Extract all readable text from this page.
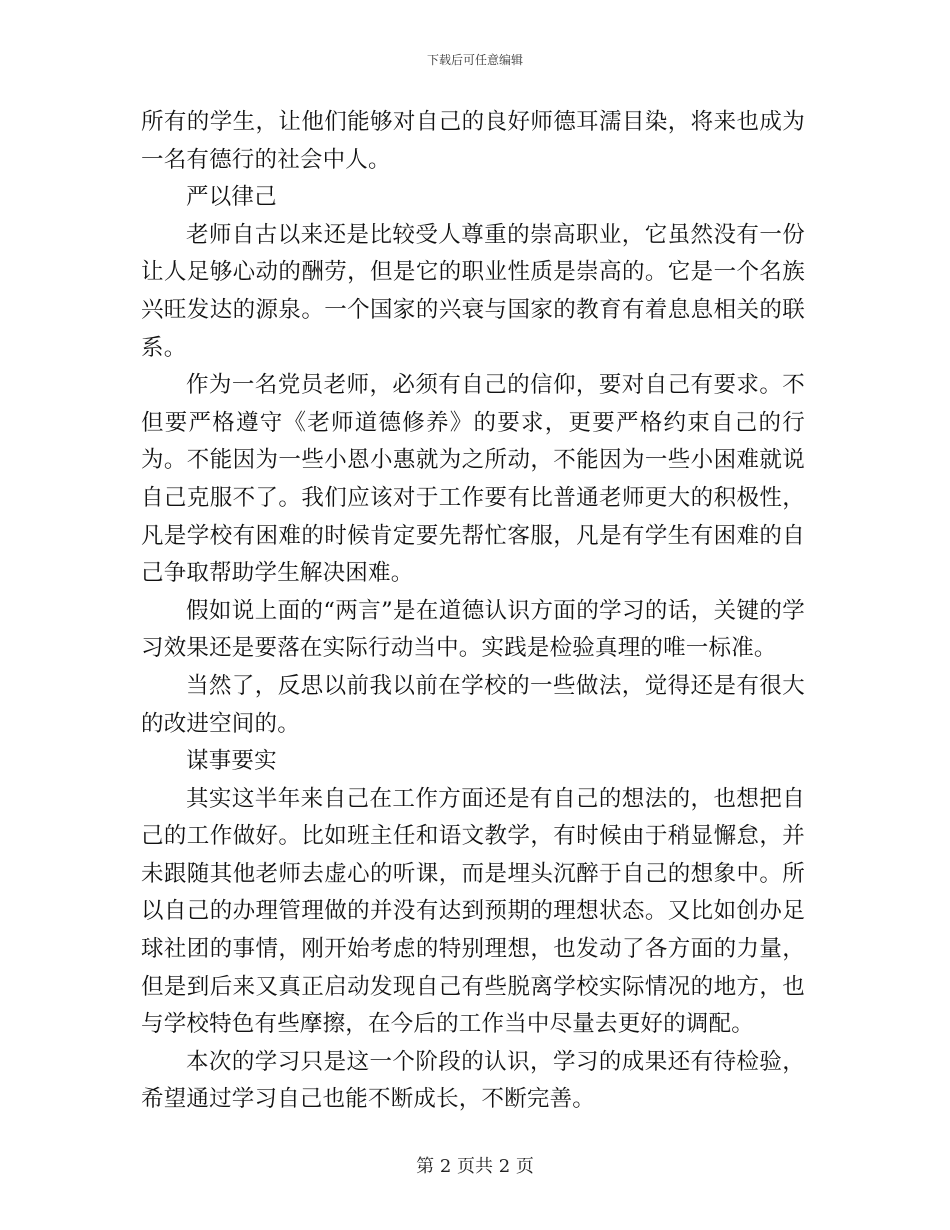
下载后可任意编辑

所有的学生，让他们能够对自己的良好师德耳濡目染，将来也成为一名有德行的社会中人。

严以律己

老师自古以来还是比较受人尊重的崇高职业，它虽然没有一份让人足够心动的酬劳，但是它的职业性质是崇高的。它是一个名族兴旺发达的源泉。一个国家的兴衰与国家的教育有着息息相关的联系。

作为一名党员老师，必须有自己的信仰，要对自己有要求。不但要严格遵守《老师道德修养》的要求，更要严格约束自己的行为。不能因为一些小恩小惠就为之所动，不能因为一些小困难就说自己克服不了。我们应该对于工作要有比普通老师更大的积极性，凡是学校有困难的时候肯定要先帮忙客服，凡是有学生有困难的自己争取帮助学生解决困难。

假如说上面的“两言”是在道德认识方面的学习的话，关键的学习效果还是要落在实际行动当中。实践是检验真理的唯一标准。

当然了，反思以前我以前在学校的一些做法，觉得还是有很大的改进空间的。

谋事要实

其实这半年来自己在工作方面还是有自己的想法的，也想把自己的工作做好。比如班主任和语文教学，有时候由于稍显懈怠，并未跟随其他老师去虚心的听课，而是埋头沉醉于自己的想象中。所以自己的办理管理做的并没有达到预期的理想状态。又比如创办足球社团的事情，刚开始考虑的特别理想，也发动了各方面的力量，但是到后来又真正启动发现自己有些脱离学校实际情况的地方，也与学校特色有些摩擦，在今后的工作当中尽量去更好的调配。

本次的学习只是这一个阶段的认识，学习的成果还有待检验，希望通过学习自己也能不断成长，不断完善。

第 2 页共 2 页
